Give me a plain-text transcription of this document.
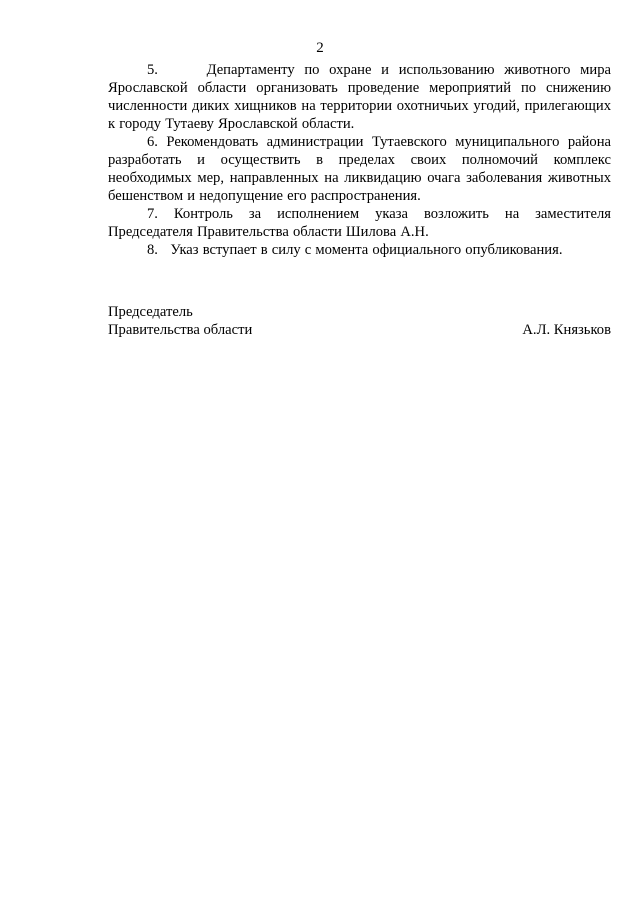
2

5.     Департаменту по охране и использованию животного мира Ярославской области организовать проведение мероприятий по снижению численности диких хищников на территории охотничьих угодий, прилегающих к городу Тутаеву Ярославской области.

6. Рекомендовать администрации Тутаевского муниципального района разработать и осуществить в пределах своих полномочий комплекс необходимых мер, направленных на ликвидацию очага заболевания животных бешенством и недопущение его распространения.

7. Контроль за исполнением указа возложить на заместителя Председателя Правительства области Шилова А.Н.

8.   Указ вступает в силу с момента официального опубликования.

Председатель
Правительства области	А.Л. Князьков
